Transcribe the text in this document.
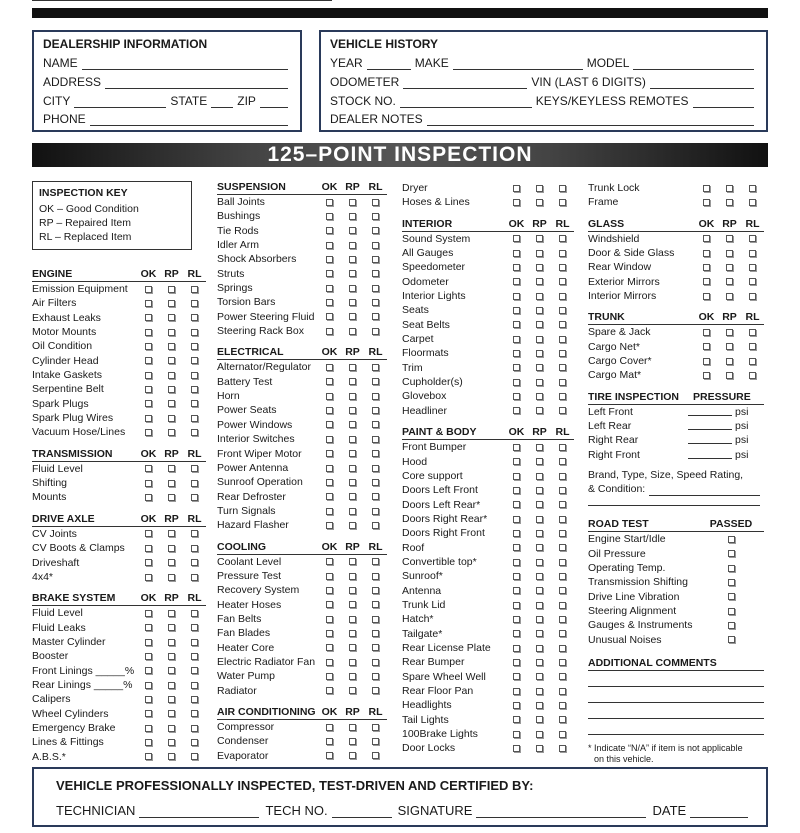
DEALERSHIP INFORMATION
NAME
ADDRESS
CITY	STATE	ZIP
PHONE
VEHICLE HISTORY
YEAR	MAKE	MODEL
ODOMETER	VIN (LAST 6 DIGITS)
STOCK NO.	KEYS/KEYLESS REMOTES
DEALER NOTES
125–POINT INSPECTION
INSPECTION KEY
OK – Good Condition
RP – Repaired Item
RL – Replaced Item
ENGINE	OK RP RL
Emission Equipment
Air Filters
Exhaust Leaks
Motor Mounts
Oil Condition
Cylinder Head
Intake Gaskets
Serpentine Belt
Spark Plugs
Spark Plug Wires
Vacuum Hose/Lines
TRANSMISSION	OK RP RL
Fluid Level
Shifting
Mounts
DRIVE AXLE	OK RP RL
CV Joints
CV Boots & Clamps
Driveshaft
4x4*
BRAKE SYSTEM	OK RP RL
Fluid Level
Fluid Leaks
Master Cylinder
Booster
Front Linings _____%
Rear Linings _____%
Calipers
Wheel Cylinders
Emergency Brake
Lines & Fittings
A.B.S.*
SUSPENSION	OK RP RL
Ball Joints
Bushings
Tie Rods
Idler Arm
Shock Absorbers
Struts
Springs
Torsion Bars
Power Steering Fluid
Steering Rack Box
ELECTRICAL	OK RP RL
Alternator/Regulator
Battery Test
Horn
Power Seats
Power Windows
Interior Switches
Front Wiper Motor
Power Antenna
Sunroof Operation
Rear Defroster
Turn Signals
Hazard Flasher
COOLING	OK RP RL
Coolant Level
Pressure Test
Recovery System
Heater Hoses
Fan Belts
Fan Blades
Heater Core
Electric Radiator Fan
Water Pump
Radiator
AIR CONDITIONING OK RP RL
Compressor
Condenser
Evaporator
Dryer
Hoses & Lines
INTERIOR	OK RP RL
Sound System
All Gauges
Speedometer
Odometer
Interior Lights
Seats
Seat Belts
Carpet
Floormats
Trim
Cupholder(s)
Glovebox
Headliner
PAINT & BODY	OK RP RL
Front Bumper
Hood
Core support
Doors Left Front
Doors Left Rear*
Doors Right Rear*
Doors Right Front
Roof
Convertible top*
Sunroof*
Antenna
Trunk Lid
Hatch*
Tailgate*
Rear License Plate
Rear Bumper
Spare Wheel Well
Rear Floor Pan
Headlights
Tail Lights
100Brake Lights
Door Locks
Trunk Lock
Frame
GLASS	OK RP RL
Windshield
Door & Side Glass
Rear Window
Exterior Mirrors
Interior Mirrors
TRUNK	OK RP RL
Spare & Jack
Cargo Net*
Cargo Cover*
Cargo Mat*
TIRE INSPECTION	PRESSURE
Left Front	psi
Left Rear	psi
Right Rear	psi
Right Front	psi
Brand, Type, Size, Speed Rating,
& Condition:
ROAD TEST	PASSED
Engine Start/Idle
Oil Pressure
Operating Temp.
Transmission Shifting
Drive Line Vibration
Steering Alignment
Gauges & Instruments
Unusual Noises
ADDITIONAL COMMENTS
* Indicate “N/A” if item is not applicable
on this vehicle.
VEHICLE PROFESSIONALLY INSPECTED, TEST-DRIVEN AND CERTIFIED BY:
TECHNICIAN	TECH NO.	SIGNATURE	DATE
